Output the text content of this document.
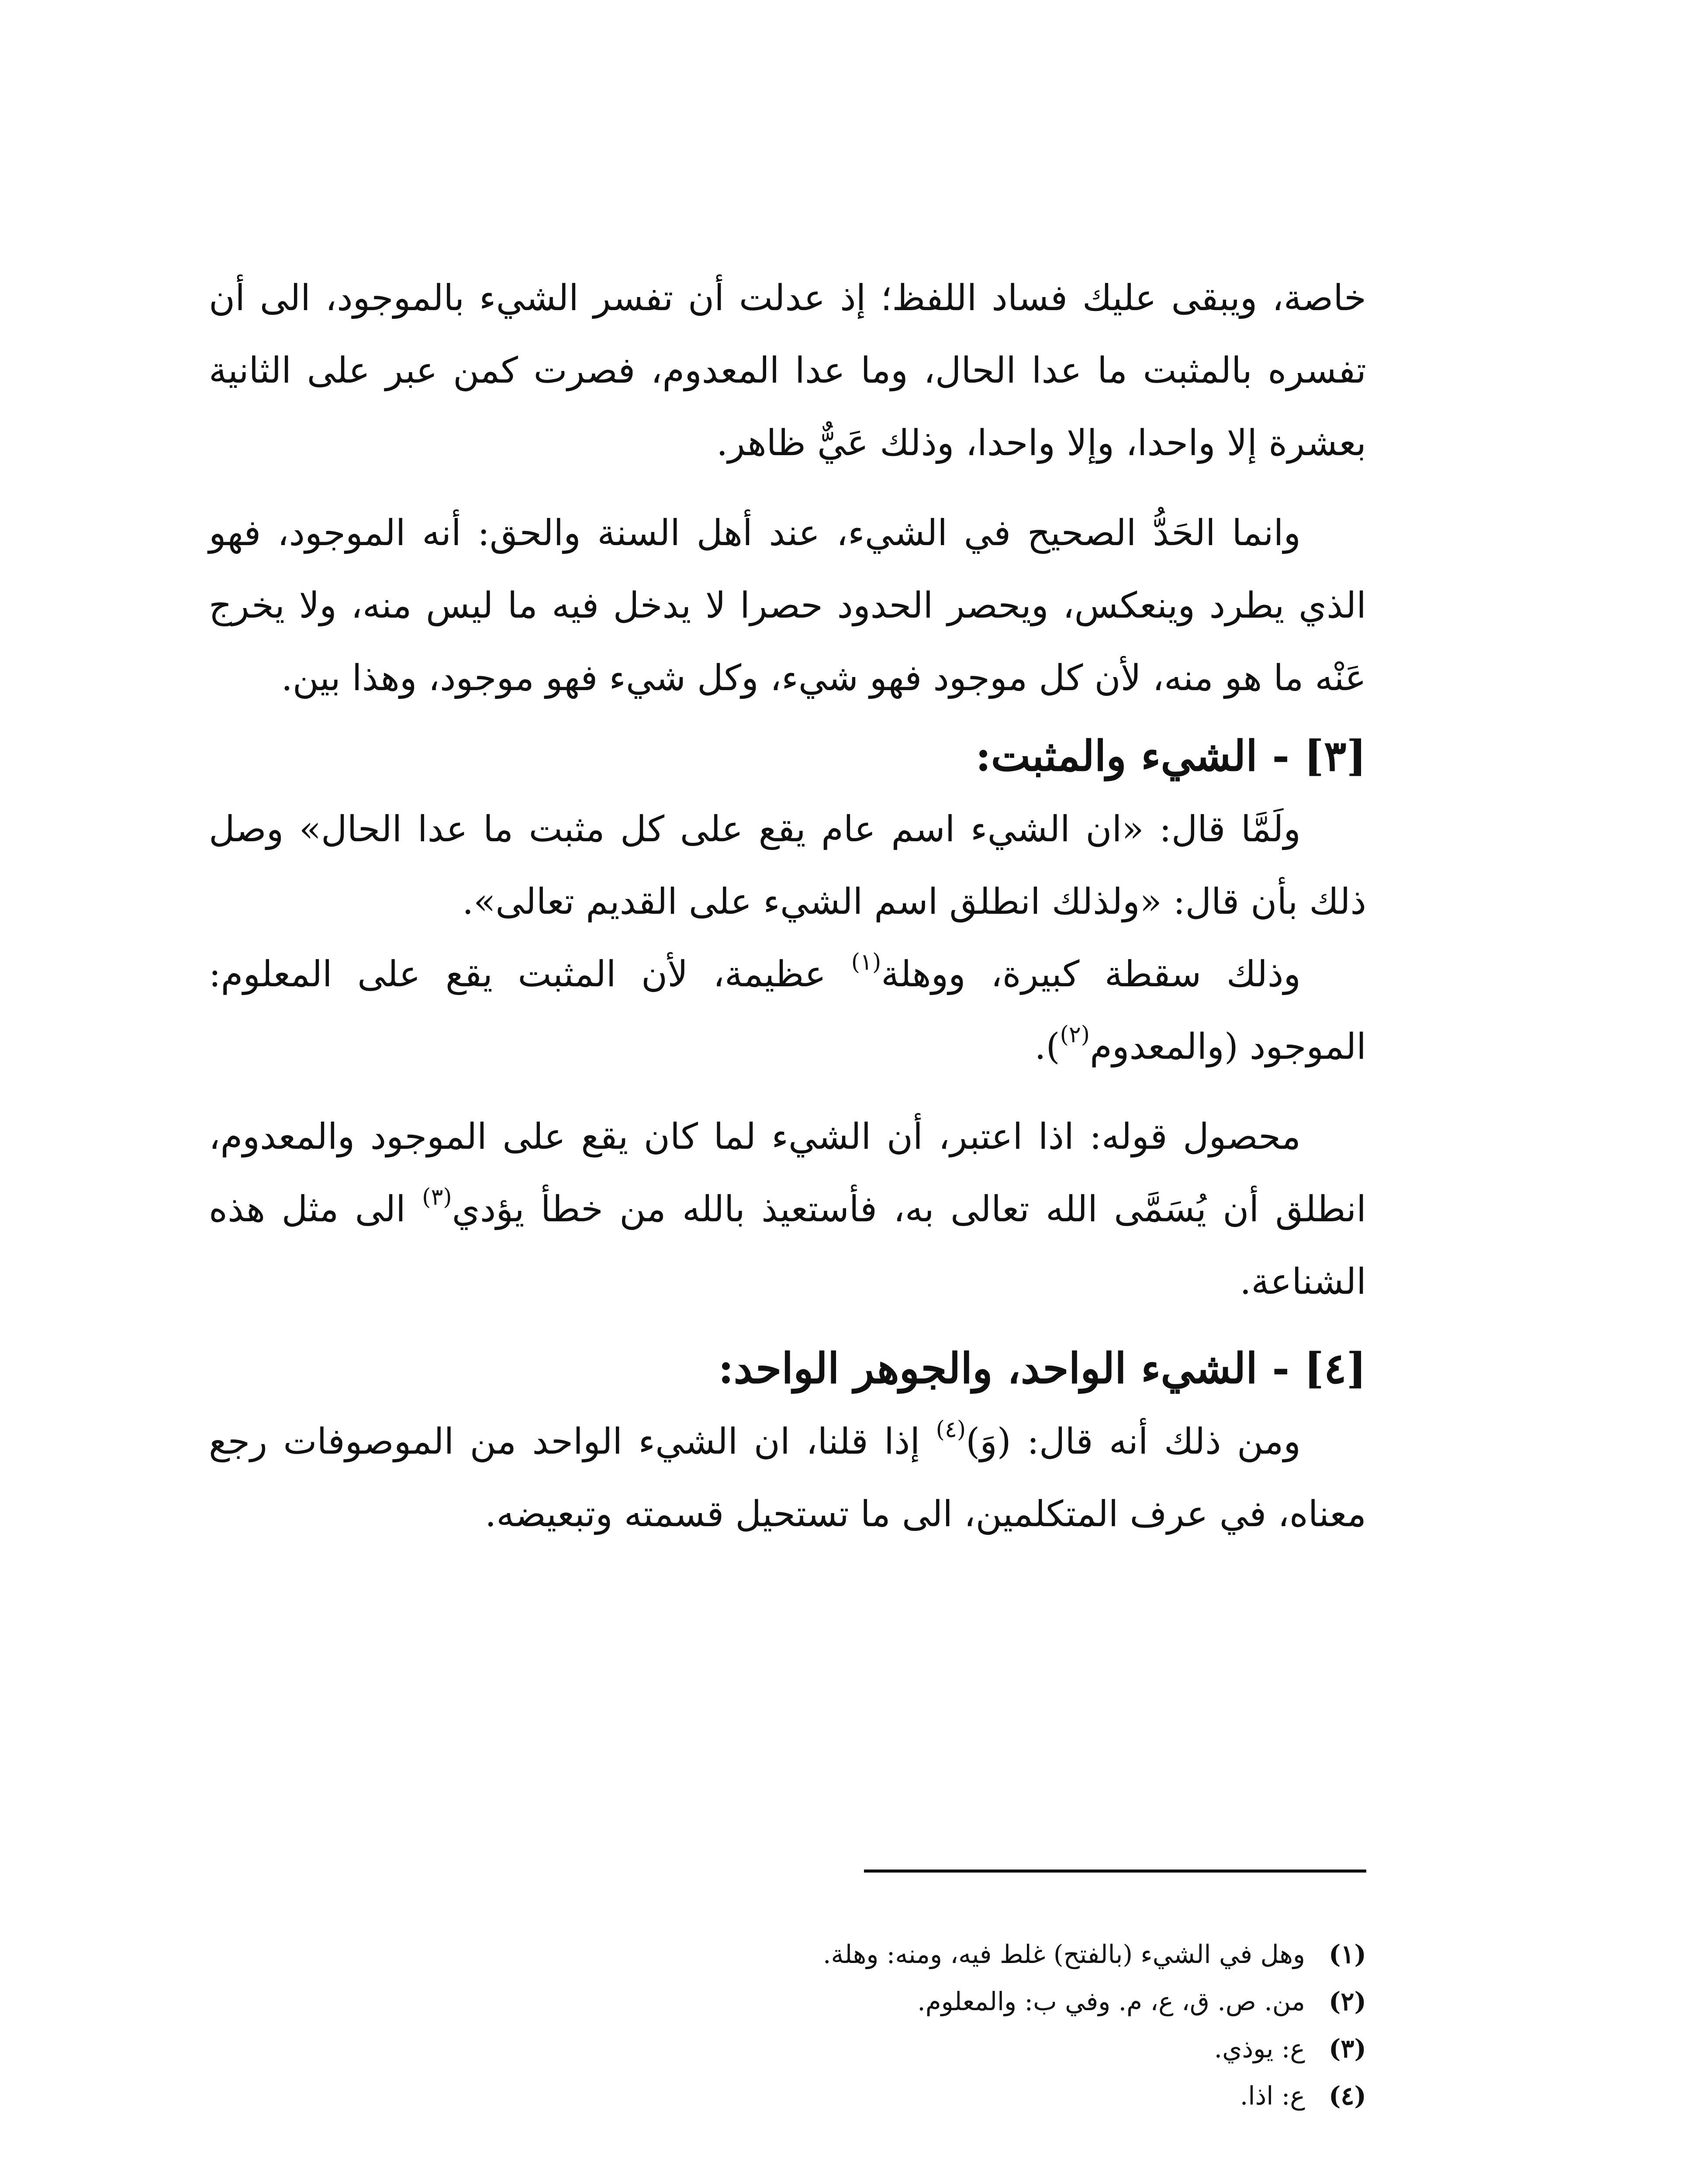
خاصة، ويبقى عليك فساد اللفظ؛ إذ عدلت أن تفسر الشيء بالموجود، الى أن تفسره بالمثبت ما عدا الحال، وما عدا المعدوم، فصرت كمن عبر على الثانية بعشرة إلا واحدا، وإلا واحدا، وذلك عَيٌّ ظاهر.

وانما الحَدُّ الصحيح في الشيء، عند أهل السنة والحق: أنه الموجود، فهو الذي يطرد وينعكس، ويحصر الحدود حصرا لا يدخل فيه ما ليس منه، ولا يخرج عَنْه ما هو منه، لأن كل موجود فهو شيء، وكل شيء فهو موجود، وهذا بين.

[٣] - الشيء والمثبت:

ولَمَّا قال: «ان الشيء اسم عام يقع على كل مثبت ما عدا الحال» وصل ذلك بأن قال: «ولذلك انطلق اسم الشيء على القديم تعالى».

وذلك سقطة كبيرة، ووهلة$^{(١)}$ عظيمة، لأن المثبت يقع على المعلوم: الموجود (والمعدوم$^{(٢)}$).

محصول قوله: اذا اعتبر، أن الشيء لما كان يقع على الموجود والمعدوم، انطلق أن يُسَمَّى الله تعالى به، فأستعيذ بالله من خطأ يؤدي$^{(٣)}$ الى مثل هذه الشناعة.

[٤] - الشيء الواحد، والجوهر الواحد:

ومن ذلك أنه قال: (وَ)$^{(٤)}$ إذا قلنا، ان الشيء الواحد من الموصوفات رجع معناه، في عرف المتكلمين، الى ما تستحيل قسمته وتبعيضه.

(١)وهل في الشيء (بالفتح) غلط فيه، ومنه: وهلة.
(٢)من. ص. ق، ع، م. وفي ب: والمعلوم.
(٣)ع: يوذي.
(٤)ع: اذا.
